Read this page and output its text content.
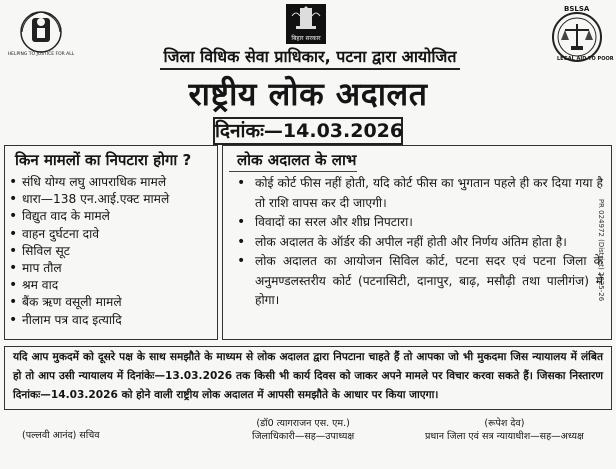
HELPING TO JUSTICE FOR ALL
बिहार सरकार
BSLSA
LEGAL AID TO POOR
जिला विधिक सेवा प्राधिकार, पटना द्वारा आयोजित
राष्ट्रीय लोक अदालत
दिनांकः—14.03.2026
किन मामलों का निपटारा होगा ?
• संधि योग्य लघु आपराधिक मामले
• धारा—138 एन.आई.एक्ट मामले
• विद्युत वाद के मामले
• वाहन दुर्घटना दावे
• सिविल सूट
• माप तौल
• श्रम वाद
• बैंक ऋण वसूली मामले
• नीलाम पत्र वाद इत्यादि
लोक अदालत के लाभ
• कोई कोर्ट फीस नहीं होती, यदि कोर्ट फीस का भुगतान पहले ही कर दिया गया है तो राशि वापस कर दी जाएगी।
• विवादों का सरल और शीघ्र निपटारा।
• लोक अदालत के ऑर्डर की अपील नहीं होती और निर्णय अंतिम होता है।
• लोक अदालत का आयोजन सिविल कोर्ट, पटना सदर एवं पटना जिला के अनुमण्डलस्तरीय कोर्ट (पटनासिटी, दानापुर, बाढ़, मसौढ़ी तथा पालीगंज) में होगा।	PR 024972 (District) 2025-26
यदि आप मुकदमें को दूसरे पक्ष के साथ समझौते के माध्यम से लोक अदालत द्वारा निपटाना चाहते हैं तो आपका जो भी मुकदमा जिस न्यायालय में लंबित हो तो आप उसी न्यायालय में दिनांकेः—13.03.2026 तक किसी भी कार्य दिवस को जाकर अपने मामले पर विचार करवा सकते हैं। जिसका निस्तारण दिनांकः—14.03.2026 को होने वाली राष्ट्रीय लोक अदालत में आपसी समझौते के आधार पर किया जाएगा।
(पल्लवी आनंद) सचिव
(डॉ0 त्यागराजन एस. एम.)
जिलाधिकारी—सह—उपाध्यक्ष
(रूपेश देव)
प्रधान जिला एवं सत्र न्यायाधीश—सह—अध्यक्ष
